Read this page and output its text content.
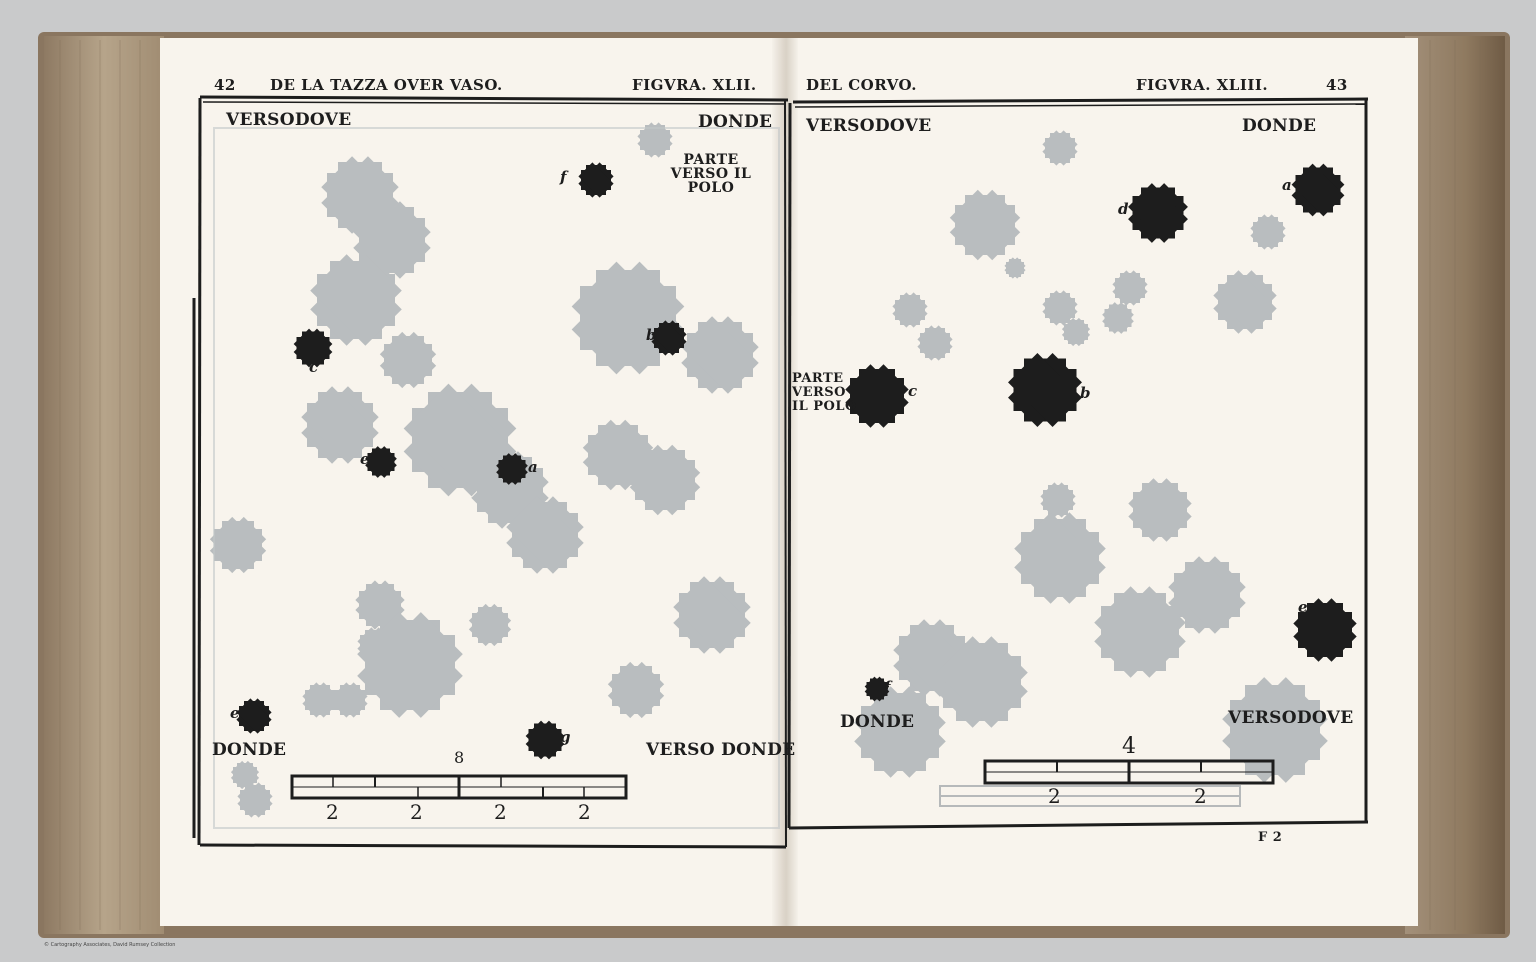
42 DE LA TAZZA OVER VASO.	FIGVRA. XLII.
VERSODOVE	DONDE
PARTE
VERSO IL
POLO
DONDE	VERSO DONDE
f
b
c
e	a
e
g
8
2	2	2	2
DEL CORVO.	FIGVRA. XLIII.	43
VERSODOVE	DONDE
PARTE
VERSO
IL POLO
DONDE	VERSODOVE
a
d
c	b
e
f
4
2	2
F 2
© Cartography Associates, David Rumsey Collection
